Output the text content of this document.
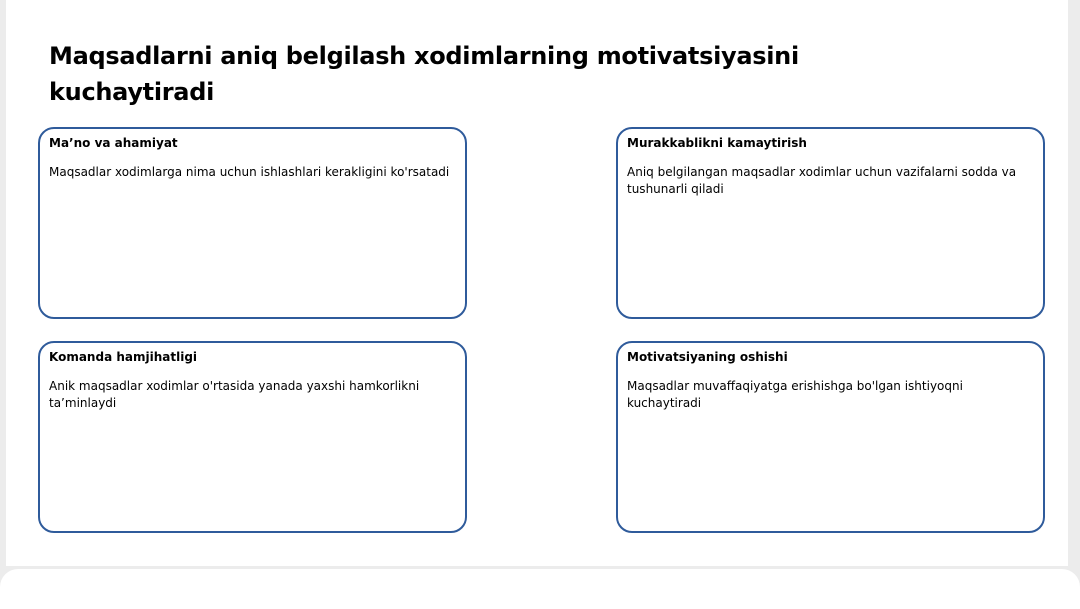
Maqsadlarni aniq belgilash xodimlarning motivatsiyasini kuchaytiradi

Ma’no va ahamiyat

Maqsadlar xodimlarga nima uchun ishlashlari kerakligini ko'rsatadi

Murakkablikni kamaytirish

Aniq belgilangan maqsadlar xodimlar uchun vazifalarni sodda va tushunarli qiladi

Komanda hamjihatligi

Anik maqsadlar xodimlar o'rtasida yanada yaxshi hamkorlikni ta’minlaydi

Motivatsiyaning oshishi

Maqsadlar muvaffaqiyatga erishishga bo'lgan ishtiyoqni kuchaytiradi
